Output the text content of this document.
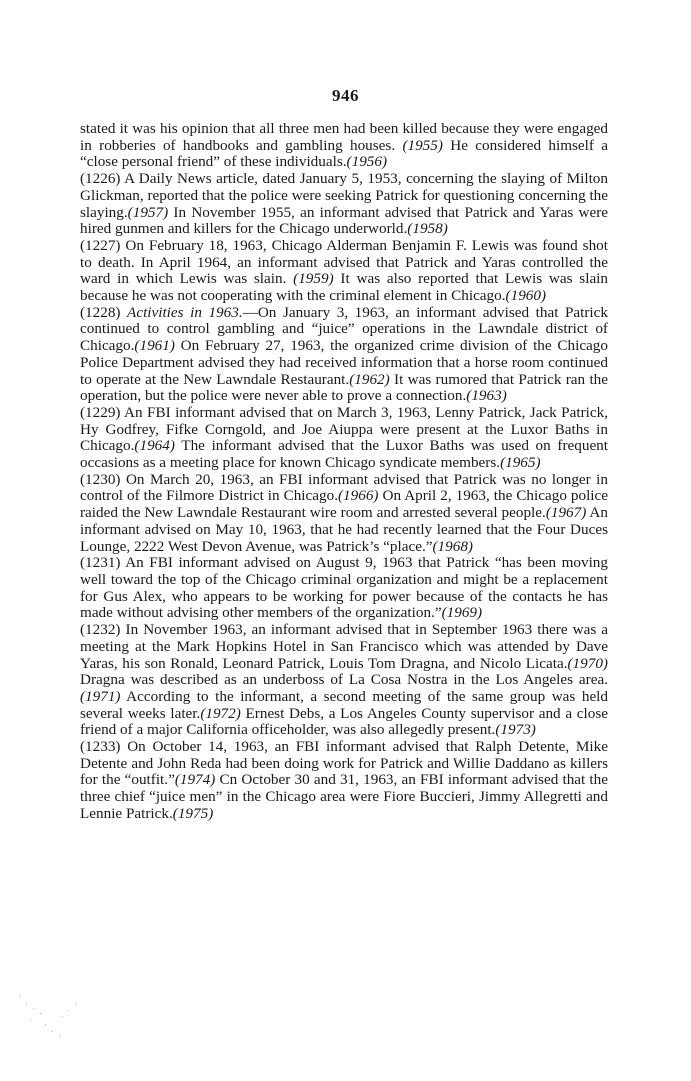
946

stated it was his opinion that all three men had been killed because they were engaged in robberies of handbooks and gambling houses. (1955) He considered himself a “close personal friend” of these individuals.(1956)

(1226) A Daily News article, dated January 5, 1953, concerning the slaying of Milton Glickman, reported that the police were seeking Patrick for questioning concerning the slaying.(1957) In November 1955, an informant advised that Patrick and Yaras were hired gunmen and killers for the Chicago underworld.(1958)

(1227) On February 18, 1963, Chicago Alderman Benjamin F. Lewis was found shot to death. In April 1964, an informant advised that Patrick and Yaras controlled the ward in which Lewis was slain. (1959) It was also reported that Lewis was slain because he was not cooperating with the criminal element in Chicago.(1960)

(1228) Activities in 1963.—On January 3, 1963, an informant advised that Patrick continued to control gambling and “juice” operations in the Lawndale district of Chicago.(1961) On February 27, 1963, the organized crime division of the Chicago Police Department advised they had received information that a horse room continued to operate at the New Lawndale Restaurant.(1962) It was rumored that Patrick ran the operation, but the police were never able to prove a connection.(1963)

(1229) An FBI informant advised that on March 3, 1963, Lenny Patrick, Jack Patrick, Hy Godfrey, Fifke Corngold, and Joe Aiuppa were present at the Luxor Baths in Chicago.(1964) The informant advised that the Luxor Baths was used on frequent occasions as a meeting place for known Chicago syndicate members.(1965)

(1230) On March 20, 1963, an FBI informant advised that Patrick was no longer in control of the Filmore District in Chicago.(1966) On April 2, 1963, the Chicago police raided the New Lawndale Restaurant wire room and arrested several people.(1967) An informant advised on May 10, 1963, that he had recently learned that the Four Duces Lounge, 2222 West Devon Avenue, was Patrick’s “place.”(1968)

(1231) An FBI informant advised on August 9, 1963 that Patrick “has been moving well toward the top of the Chicago criminal organization and might be a replacement for Gus Alex, who appears to be working for power because of the contacts he has made without advising other members of the organization.”(1969)

(1232) In November 1963, an informant advised that in September 1963 there was a meeting at the Mark Hopkins Hotel in San Francisco which was attended by Dave Yaras, his son Ronald, Leonard Patrick, Louis Tom Dragna, and Nicolo Licata.(1970) Dragna was described as an underboss of La Cosa Nostra in the Los Angeles area.(1971) According to the informant, a second meeting of the same group was held several weeks later.(1972) Ernest Debs, a Los Angeles County supervisor and a close friend of a major California officeholder, was also allegedly present.(1973)

(1233) On October 14, 1963, an FBI informant advised that Ralph Detente, Mike Detente and John Reda had been doing work for Patrick and Willie Daddano as killers for the “outfit.”(1974) Cn October 30 and 31, 1963, an FBI informant advised that the three chief “juice men” in the Chicago area were Fiore Buccieri, Jimmy Allegretti and Lennie Patrick.(1975)
